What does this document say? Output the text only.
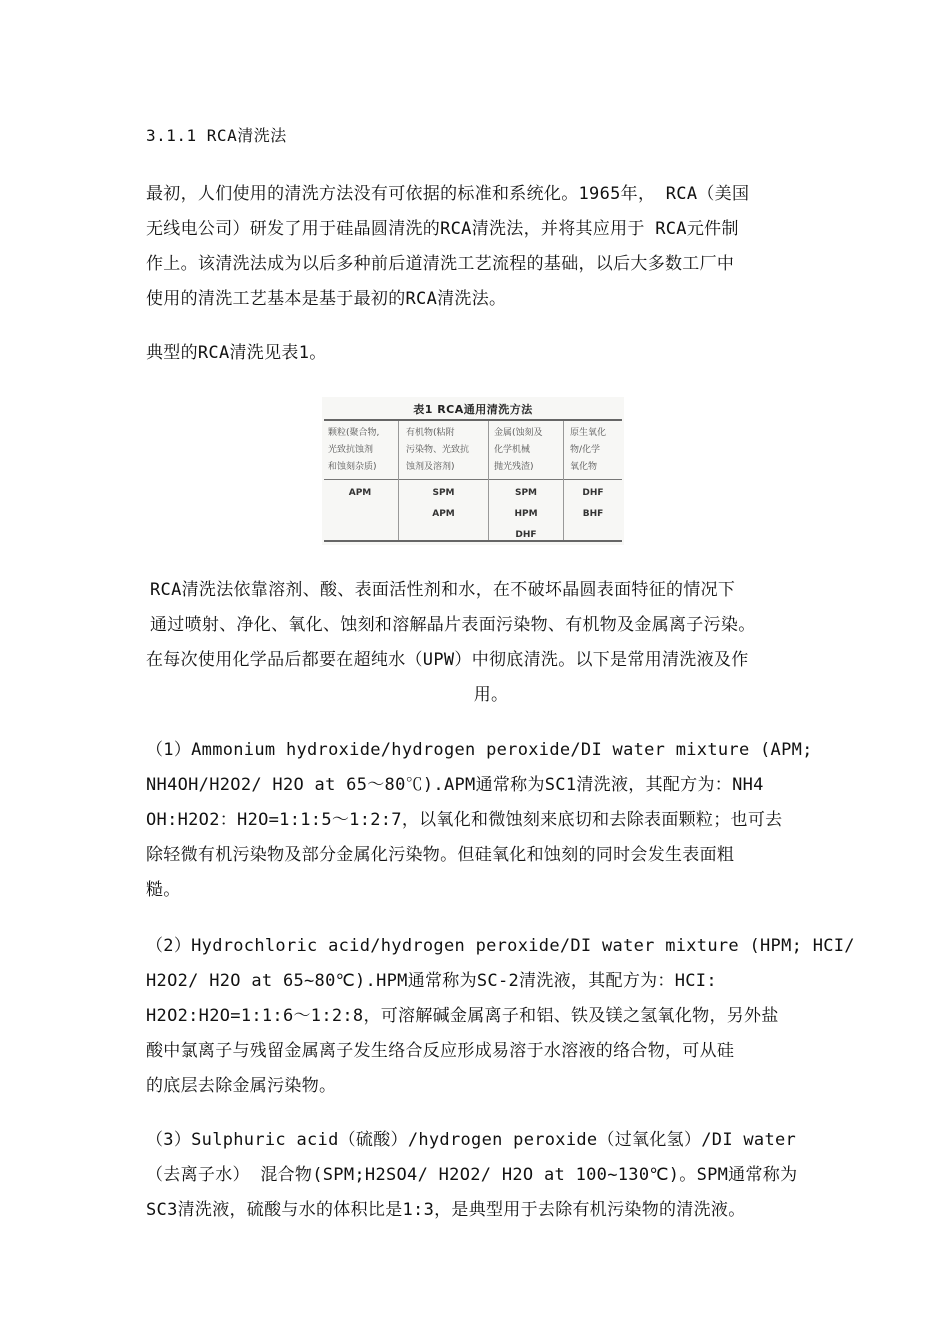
3.1.1 RCA清洗法
最初，人们使用的清洗方法没有可依据的标准和系统化。1965年， RCA（美国
无线电公司）研发了用于硅晶圆清洗的RCA清洗法，并将其应用于 RCA元件制
作上。该清洗法成为以后多种前后道清洗工艺流程的基础，以后大多数工厂中
使用的清洗工艺基本是基于最初的RCA清洗法。
典型的RCA清洗见表1。
表1 RCA通用清洗方法
颗粒(聚合物,
光致抗蚀剂
和蚀刻杂质)
有机物(粘附
污染物、光致抗
蚀剂及溶剂)
金属(蚀刻及
化学机械
抛光残渣)
原生氧化
物/化学
氧化物
APM	SPM
APM
SPM
HPM
DHF
DHF
BHF
RCA清洗法依靠溶剂、酸、表面活性剂和水，在不破坏晶圆表面特征的情况下
通过喷射、净化、氧化、蚀刻和溶解晶片表面污染物、有机物及金属离子污染。
在每次使用化学品后都要在超纯水（UPW）中彻底清洗。以下是常用清洗液及作
用。
（1）Ammonium hydroxide/hydrogen peroxide/DI water mixture (APM;
NH4OH/H2O2/ H2O at 65～80℃).APM通常称为SC1清洗液，其配方为：NH4
OH:H2O2：H2O=1:1:5～1:2:7，以氧化和微蚀刻来底切和去除表面颗粒；也可去
除轻微有机污染物及部分金属化污染物。但硅氧化和蚀刻的同时会发生表面粗
糙。
（2）Hydrochloric acid/hydrogen peroxide/DI water mixture (HPM; HCI/
H2O2/ H2O at 65~80℃).HPM通常称为SC-2清洗液，其配方为：HCI:
H2O2:H2O=1:1:6～1:2:8，可溶解碱金属离子和铝、铁及镁之氢氧化物，另外盐
酸中氯离子与残留金属离子发生络合反应形成易溶于水溶液的络合物，可从硅
的底层去除金属污染物。
（3）Sulphuric acid（硫酸）/hydrogen peroxide（过氧化氢）/DI water
（去离子水） 混合物(SPM;H2SO4/ H2O2/ H2O at 100~130℃)。SPM通常称为
SC3清洗液，硫酸与水的体积比是1:3，是典型用于去除有机污染物的清洗液。
